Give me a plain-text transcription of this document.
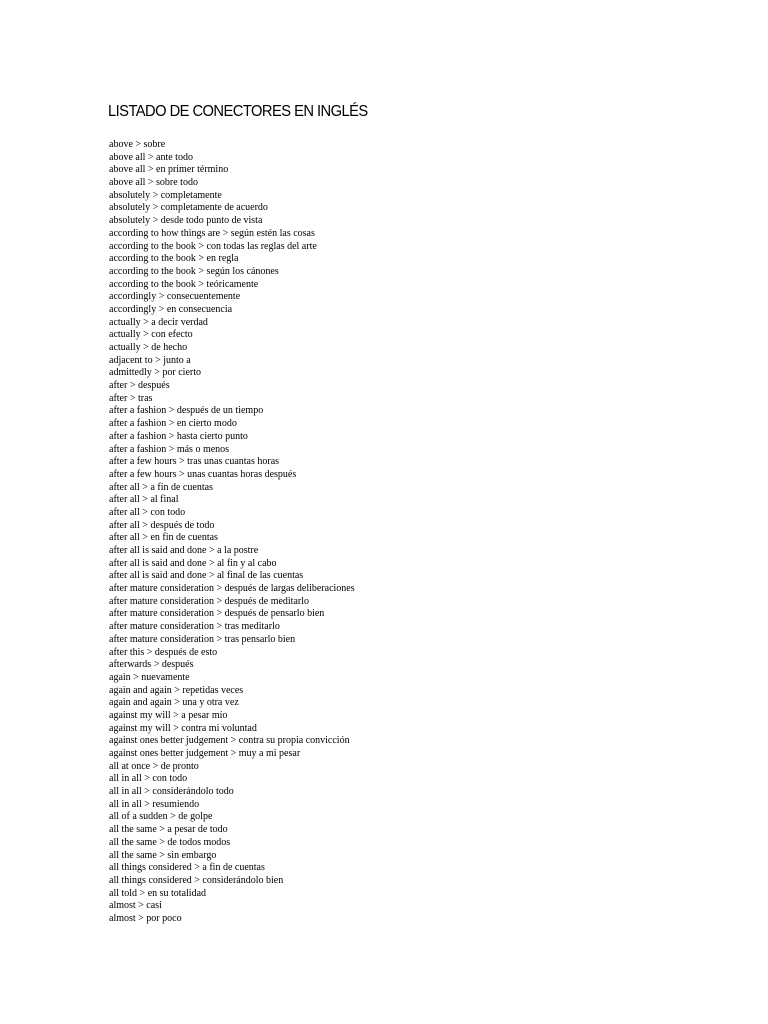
LISTADO DE CONECTORES EN INGLÉS
above > sobre
above all > ante todo
above all > en primer término
above all > sobre todo
absolutely > completamente
absolutely > completamente de acuerdo
absolutely > desde todo punto de vista
according to how things are > según estén las cosas
according to the book > con todas las reglas del arte
according to the book > en regla
according to the book > según los cánones
according to the book > teóricamente
accordingly > consecuentemente
accordingly > en consecuencia
actually > a decir verdad
actually > con efecto
actually > de hecho
adjacent to > junto a
admittedly > por cierto
after > después
after > tras
after a fashion > después de un tiempo
after a fashion > en cierto modo
after a fashion > hasta cierto punto
after a fashion > más o menos
after a few hours > tras unas cuantas horas
after a few hours > unas cuantas horas después
after all > a fin de cuentas
after all > al final
after all > con todo
after all > después de todo
after all > en fin de cuentas
after all is said and done > a la postre
after all is said and done > al fin y al cabo
after all is said and done > al final de las cuentas
after mature consideration > después de largas deliberaciones
after mature consideration > después de meditarlo
after mature consideration > después de pensarlo bien
after mature consideration > tras meditarlo
after mature consideration > tras pensarlo bien
after this > después de esto
afterwards > después
again > nuevamente
again and again > repetidas veces
again and again > una y otra vez
against my will > a pesar mío
against my will > contra mi voluntad
against ones better judgement > contra su propia convicción
against ones better judgement > muy a mi pesar
all at once > de pronto
all in all > con todo
all in all > considerándolo todo
all in all > resumiendo
all of a sudden > de golpe
all the same > a pesar de todo
all the same > de todos modos
all the same > sin embargo
all things considered > a fin de cuentas
all things considered > considerándolo bien
all told > en su totalidad
almost > casi
almost > por poco
